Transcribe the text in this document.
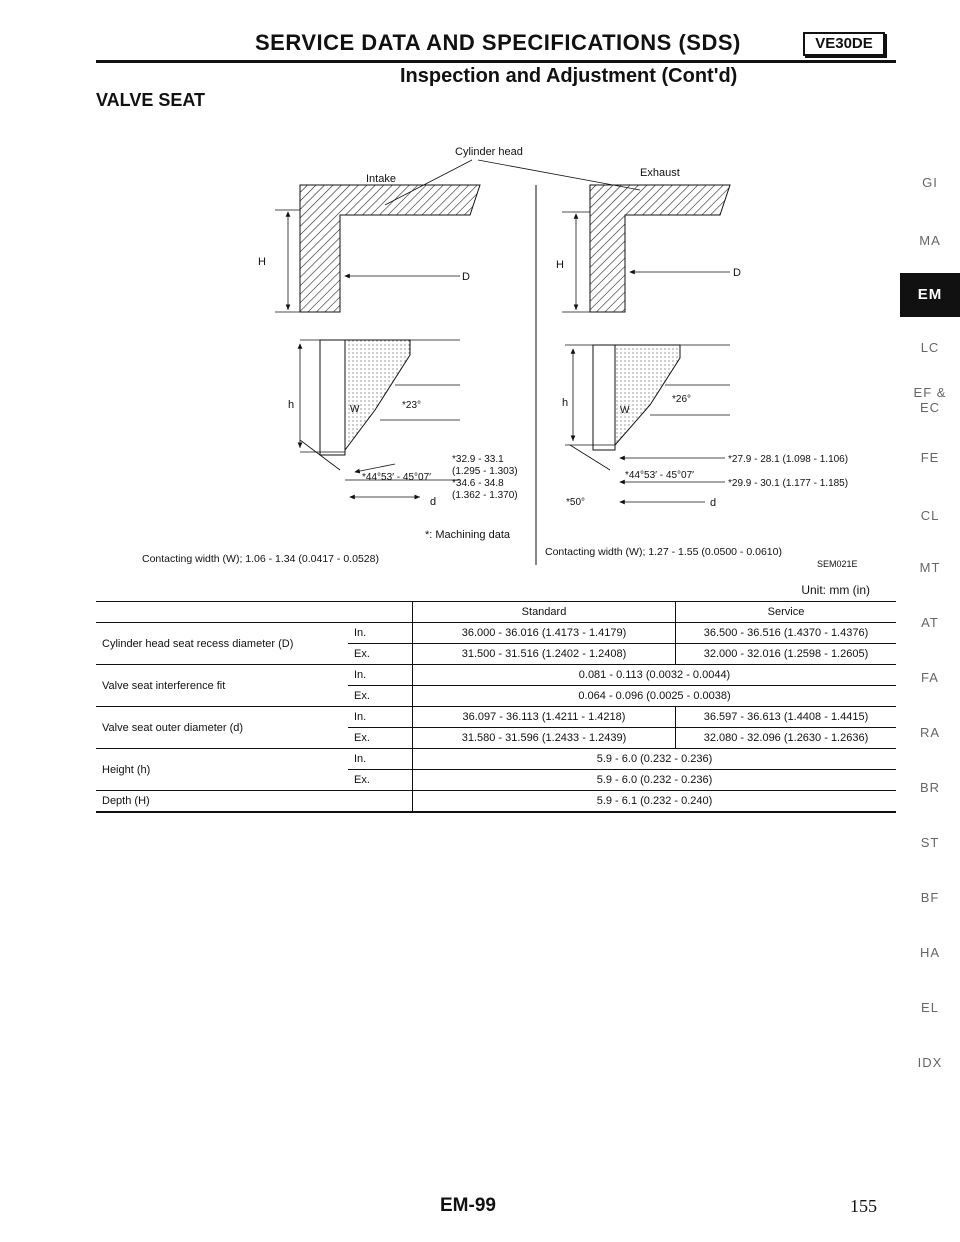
SERVICE DATA AND SPECIFICATIONS (SDS)	VE30DE
Inspection and Adjustment (Cont'd)
VALVE SEAT
Cylinder head
Intake	Exhaust
H
D
H
D
h	W	*23°
*32.9 - 33.1
(1.295 - 1.303)
*44°53′ - 45°07′
*34.6 - 34.8
(1.362 - 1.370)
d
h
W
*26°
*27.9 - 28.1 (1.098 - 1.106)
*44°53′ - 45°07′
*29.9 - 30.1 (1.177 - 1.185)
*50°	d
*: Machining data
Contacting width (W); 1.06 - 1.34 (0.0417 - 0.0528)
Contacting width (W); 1.27 - 1.55 (0.0500 - 0.0610)
SEM021E
Unit: mm (in)
		Standard	Service
Cylinder head seat recess diameter (D)	In.	36.000 - 36.016 (1.4173 - 1.4179)	36.500 - 36.516 (1.4370 - 1.4376)
	Ex.	31.500 - 31.516 (1.2402 - 1.2408)	32.000 - 32.016 (1.2598 - 1.2605)
Valve seat interference fit	In.	0.081 - 0.113 (0.0032 - 0.0044)	
	Ex.	0.064 - 0.096 (0.0025 - 0.0038)	
Valve seat outer diameter (d)	In.	36.097 - 36.113 (1.4211 - 1.4218)	36.597 - 36.613 (1.4408 - 1.4415)
	Ex.	31.580 - 31.596 (1.2433 - 1.2439)	32.080 - 32.096 (1.2630 - 1.2636)
Height (h)	In.	5.9 - 6.0 (0.232 - 0.236)	
	Ex.	5.9 - 6.0 (0.232 - 0.236)	
Depth (H)		5.9 - 6.1 (0.232 - 0.240)	
GI
MA
EM
LC
EF & EC
FE
CL
MT
AT
FA
RA
BR
ST
BF
HA
EL
IDX
EM-99	155
